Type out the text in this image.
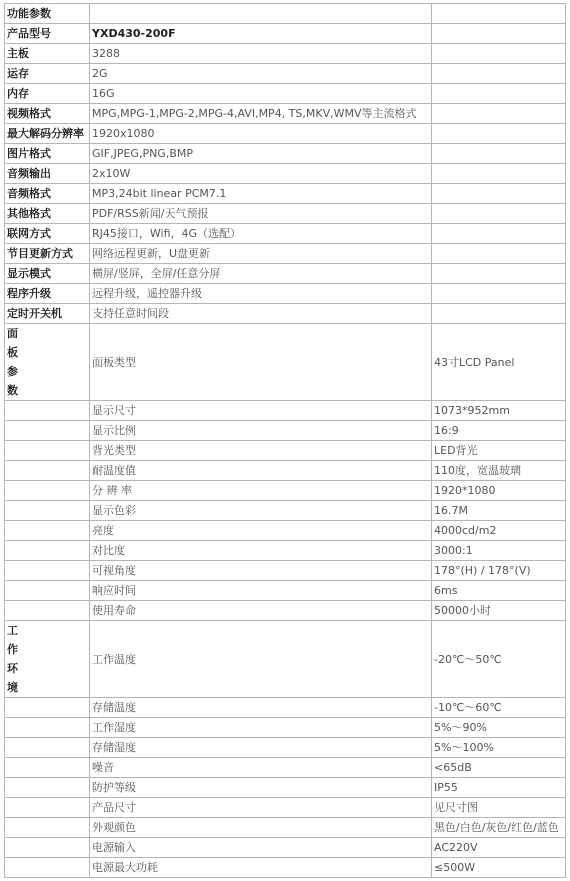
功能参数		
产品型号	YXD430-200F	
主板	3288	
运存	2G	
内存	16G	
视频格式	MPG,MPG-1,MPG-2,MPG-4,AVI,MP4, TS,MKV,WMV等主流格式	
最大解码分辨率	1920x1080	
图片格式	GIF,JPEG,PNG,BMP	
音频输出	2x10W	
音频格式	MP3,24bit linear PCM7.1	
其他格式	PDF/RSS新闻/天气预报	
联网方式	RJ45接口，Wifi，4G（选配）	
节目更新方式	网络远程更新，U盘更新	
显示模式	横屏/竖屏，全屏/任意分屏	
程序升级	远程升级，遥控器升级	
定时开关机	支持任意时间段	

面
板
参
数	面板类型	43寸LCD Panel
	显示尺寸	1073*952mm
	显示比例	16:9
	背光类型	LED背光
	耐温度值	110度，宽温玻璃
	分 辨 率	1920*1080
	显示色彩	16.7M
	亮度	4000cd/m2
	对比度	3000:1
	可视角度	178°(H) / 178°(V)
	响应时间	6ms
	使用寿命	50000小时

工
作
环
境	工作温度	-20℃～50℃
	存储温度	-10℃～60℃
	工作湿度	5%～90%
	存储湿度	5%～100%
	噪音	<65dB
	防护等级	IP55
	产品尺寸	见尺寸图
	外观颜色	黑色/白色/灰色/红色/蓝色
	电源输入	AC220V
	电源最大功耗	≤500W
